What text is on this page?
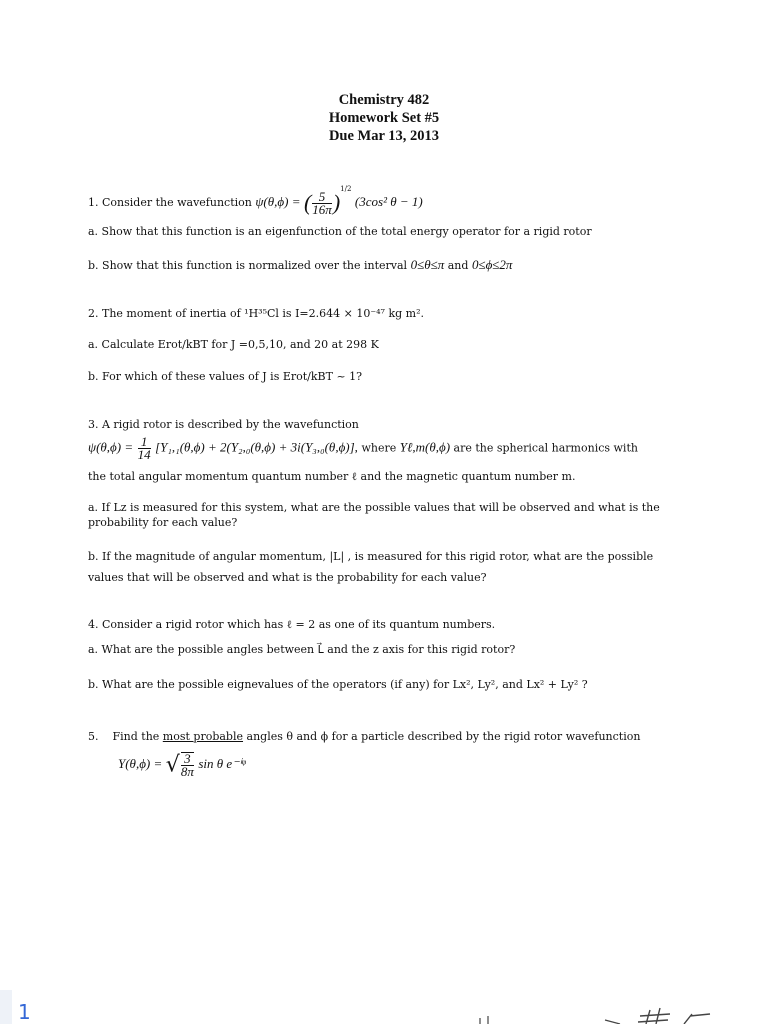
Chemistry 482
Homework Set #5
Due Mar 13, 2013
1. Consider the wavefunction ψ(θ,ϕ) = ( $\frac{5}{16\pi} )^{1/2}$ (3cos² θ − 1)
a. Show that this function is an eigenfunction of the total energy operator for a rigid rotor
b. Show that this function is normalized over the interval 0≤θ≤π and 0≤ϕ≤2π
2. The moment of inertia of ¹H³⁵Cl is I=2.644 × 10⁻⁴⁷ kg m².
a. Calculate Erot/kBT for J =0,5,10, and 20 at 298 K
b. For which of these values of J is Erot/kBT ~ 1?
3. A rigid rotor is described by the wavefunction
$\psi(\theta,\phi) = \frac{1}{14} [Y_1,_1(\theta,\phi) + 2(Y_2,_0(\theta,\phi) + 3i(Y_3,_0(\theta,\phi)]$, where Yℓ,m(θ,ϕ) are the spherical harmonics with
the total angular momentum quantum number ℓ and the magnetic quantum number m.
a. If Lz is measured for this system, what are the possible values that will be observed and what is the
probability for each value?
b. If the magnitude of angular momentum, |L| , is measured for this rigid rotor, what are the possible
values that will be observed and what is the probability for each value?
4. Consider a rigid rotor which has ℓ = 2 as one of its quantum numbers.
a. What are the possible angles between L⃗ and the z axis for this rigid rotor?
b. What are the possible eignevalues of the operators (if any) for Lx², Ly², and Lx² + Ly² ?
5. Find the most probable angles θ and ϕ for a particle described by the rigid rotor wavefunction
Y(θ,ϕ) = √ $\frac{3}{8\pi}$ sin θ e⁻ⁱᵠ
1
